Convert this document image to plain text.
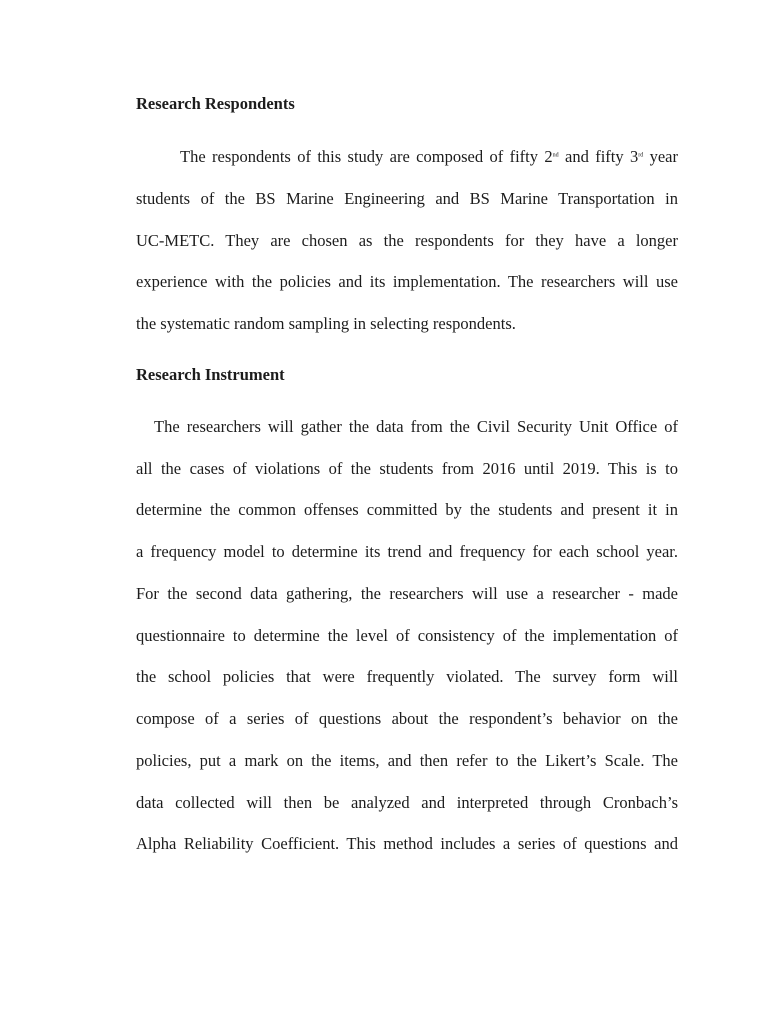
Research Respondents
The respondents of this study are composed of fifty 2nd and fifty 3rd year
students of the BS Marine Engineering and BS Marine Transportation in
UC-METC. They are chosen as the respondents for they have a longer
experience with the policies and its implementation. The researchers will use
the systematic random sampling in selecting respondents.
Research Instrument
The researchers will gather the data from the Civil Security Unit Office of
all the cases of violations of the students from 2016 until 2019. This is to
determine the common offenses committed by the students and present it in
a frequency model to determine its trend and frequency for each school year.
For the second data gathering, the researchers will use a researcher - made
questionnaire to determine the level of consistency of the implementation of
the school policies that were frequently violated. The survey form will
compose of a series of questions about the respondent’s behavior on the
policies, put a mark on the items, and then refer to the Likert’s Scale. The
data collected will then be analyzed and interpreted through Cronbach’s
Alpha Reliability Coefficient. This method includes a series of questions and
